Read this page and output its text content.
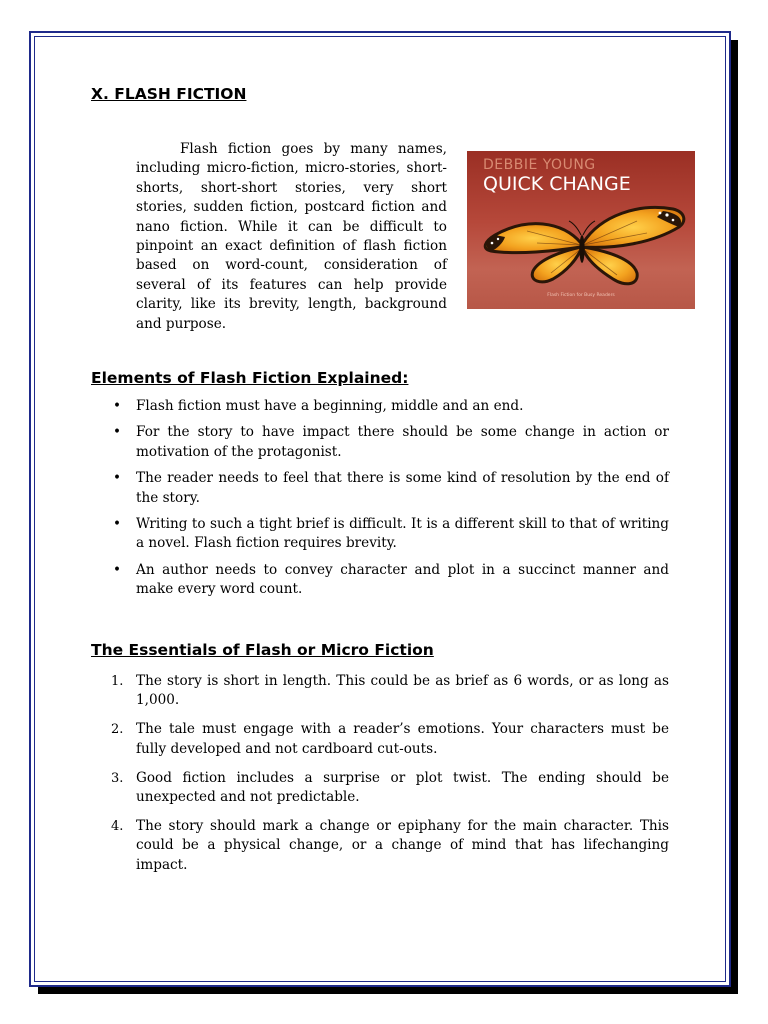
X. FLASH FICTION

Flash fiction goes by many names, including micro-fiction, micro-stories, short-shorts, short-short stories, very short stories, sudden fiction, postcard fiction and nano fiction. While it can be difficult to pinpoint an exact definition of flash fiction based on word-count, consideration of several of its features can help provide clarity, like its brevity, length, background and purpose.

DEBBIE YOUNG
QUICK CHANGE
Flash Fiction for Busy Readers
Elements of Flash Fiction Explained:
• Flash fiction must have a beginning, middle and an end.
• For the story to have impact there should be some change in action or motivation of the protagonist.
• The reader needs to feel that there is some kind of resolution by the end of the story.
• Writing to such a tight brief is difficult. It is a different skill to that of writing a novel. Flash fiction requires brevity.
• An author needs to convey character and plot in a succinct manner and make every word count.
The Essentials of Flash or Micro Fiction
1. The story is short in length. This could be as brief as 6 words, or as long as 1,000.
2. The tale must engage with a reader’s emotions. Your characters must be fully developed and not cardboard cut-outs.
3. Good fiction includes a surprise or plot twist. The ending should be unexpected and not predictable.
4. The story should mark a change or epiphany for the main character. This could be a physical change, or a change of mind that has lifechanging impact.
